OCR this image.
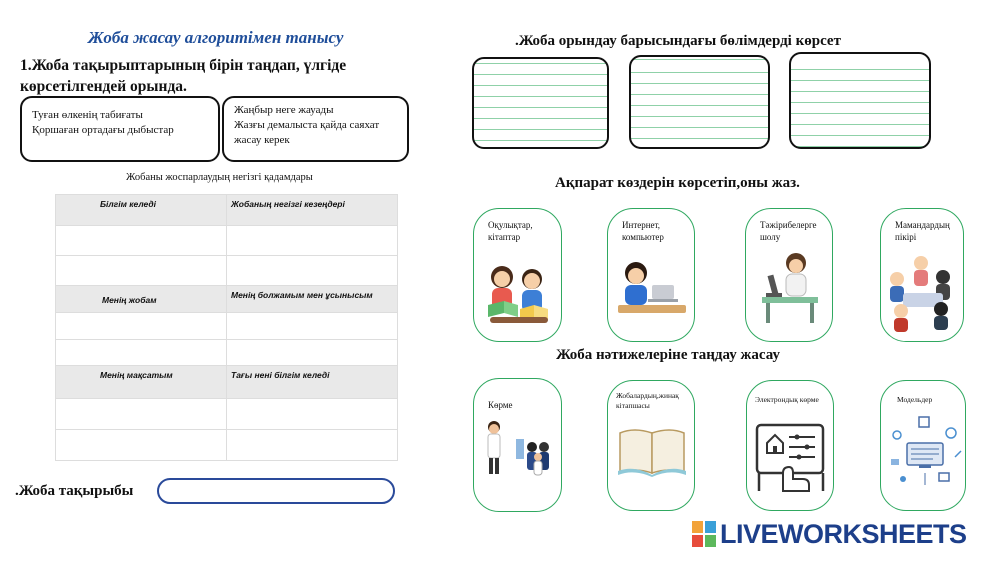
Жоба жасау алгоритімен танысу
1.Жоба тақырыптарының бірін таңдап, үлгіде көрсетілгендей орында.
Туған өлкенің табиғаты
Қоршаған ортадағы дыбыстар
Жаңбыр неге жауады
Жазғы демалыста қайда саяхат жасау керек
Жобаны жоспарлаудың негізгі қадамдары
Білгім келеді	Жобаның негізгі кезеңдері

Менің жобам	Менің болжамым мен ұсынысым

Менің мақсатым	Тағы нені білгім келеді

.Жоба тақырыбы
.Жоба орындау барысындағы бөлімдерді көрсет
Ақпарат көздерін көрсетіп,оны жаз.
Оқулықтар, кітаптар
Интернет, компьютер
Тәжірибелерге шолу
Мамандардың пікірі
Жоба нәтижелеріне таңдау жасау
Көрме
Жобалардың,жинақ кітапшасы
Электрондық көрме	Модельдер
LIVEWORKSHEETS
